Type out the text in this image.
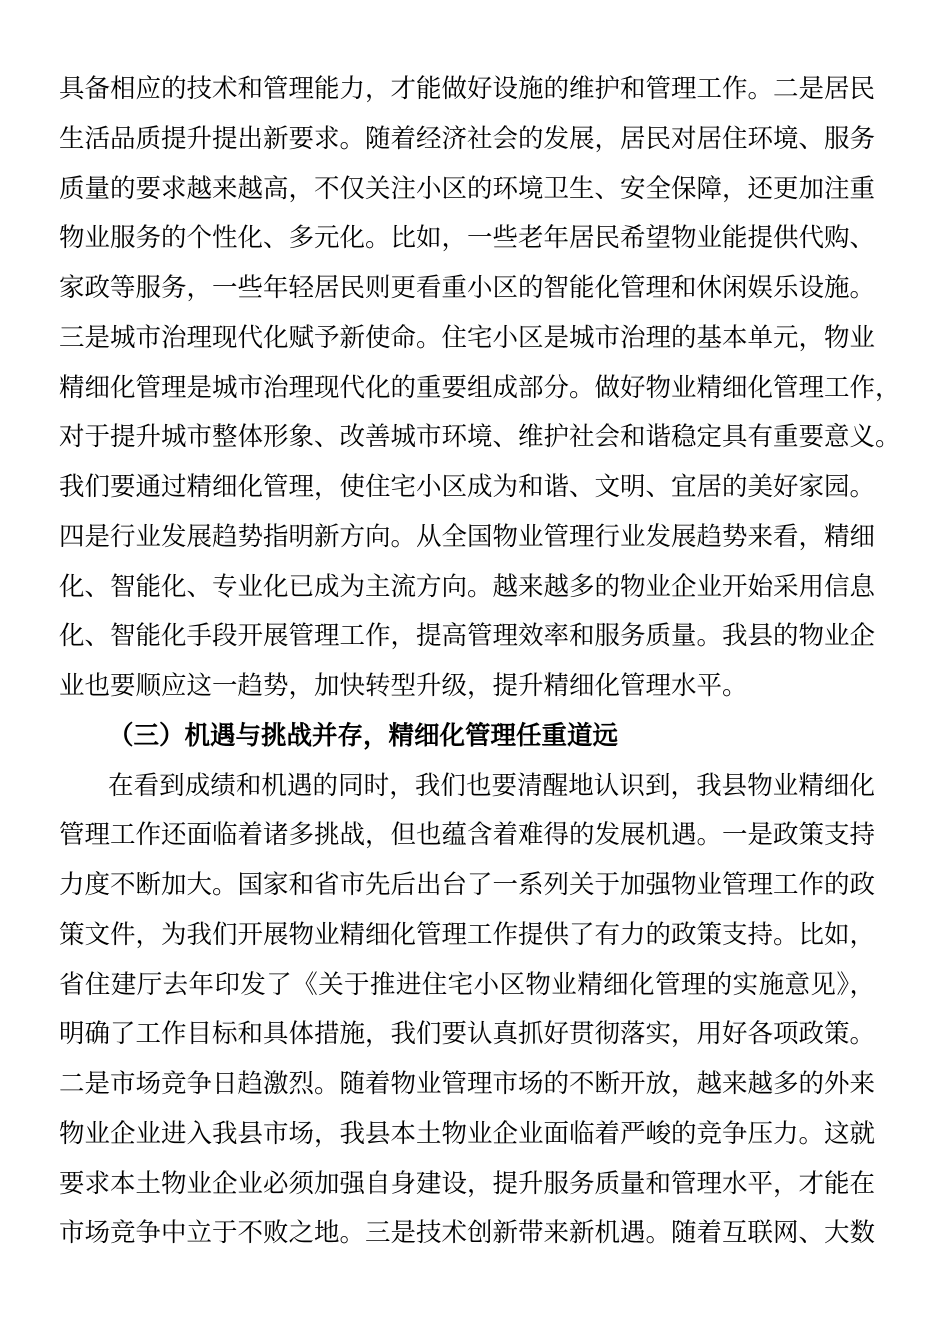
具备相应的技术和管理能力，才能做好设施的维护和管理工作。二是居民
生活品质提升提出新要求。随着经济社会的发展，居民对居住环境、服务
质量的要求越来越高，不仅关注小区的环境卫生、安全保障，还更加注重
物业服务的个性化、多元化。比如，一些老年居民希望物业能提供代购、
家政等服务，一些年轻居民则更看重小区的智能化管理和休闲娱乐设施。
三是城市治理现代化赋予新使命。住宅小区是城市治理的基本单元，物业
精细化管理是城市治理现代化的重要组成部分。做好物业精细化管理工作，
对于提升城市整体形象、改善城市环境、维护社会和谐稳定具有重要意义。
我们要通过精细化管理，使住宅小区成为和谐、文明、宜居的美好家园。
四是行业发展趋势指明新方向。从全国物业管理行业发展趋势来看，精细
化、智能化、专业化已成为主流方向。越来越多的物业企业开始采用信息
化、智能化手段开展管理工作，提高管理效率和服务质量。我县的物业企
业也要顺应这一趋势，加快转型升级，提升精细化管理水平。
（三）机遇与挑战并存，精细化管理任重道远
在看到成绩和机遇的同时，我们也要清醒地认识到，我县物业精细化
管理工作还面临着诸多挑战，但也蕴含着难得的发展机遇。一是政策支持
力度不断加大。国家和省市先后出台了一系列关于加强物业管理工作的政
策文件，为我们开展物业精细化管理工作提供了有力的政策支持。比如，
省住建厅去年印发了《关于推进住宅小区物业精细化管理的实施意见》，
明确了工作目标和具体措施，我们要认真抓好贯彻落实，用好各项政策。
二是市场竞争日趋激烈。随着物业管理市场的不断开放，越来越多的外来
物业企业进入我县市场，我县本土物业企业面临着严峻的竞争压力。这就
要求本土物业企业必须加强自身建设，提升服务质量和管理水平，才能在
市场竞争中立于不败之地。三是技术创新带来新机遇。随着互联网、大数
